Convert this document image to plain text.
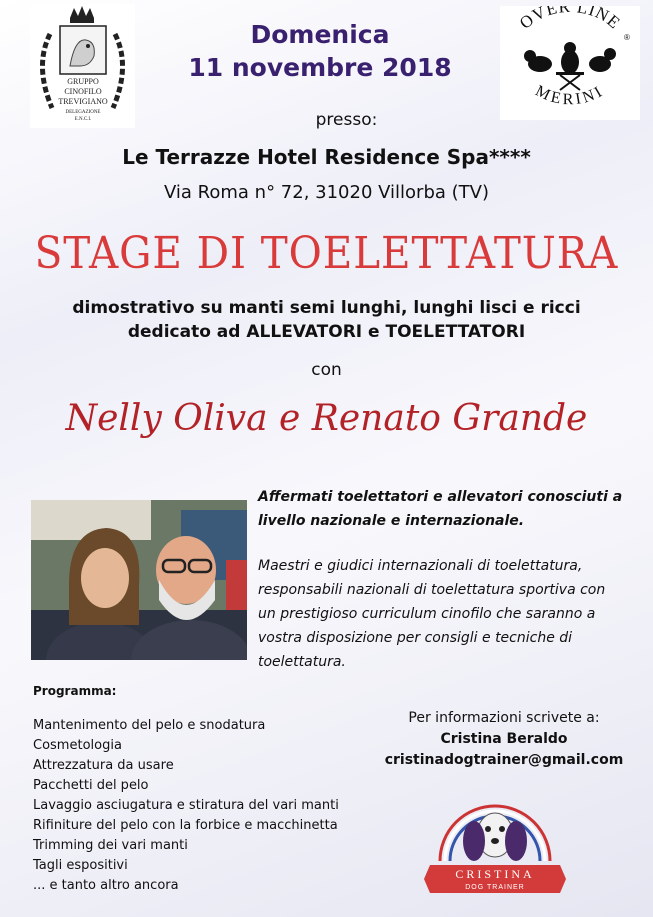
GRUPPO
CINOFILO
TREVIGIANO
DELEGAZIONE
E.N.C.I.
Domenica
11 novembre 2018
OVER LINE
®
MERINI
presso:
Le Terrazze Hotel Residence Spa****
Via Roma n° 72, 31020 Villorba (TV)
STAGE DI TOELETTATURA
dimostrativo su manti semi lunghi, lunghi lisci e ricci
dedicato ad ALLEVATORI e TOELETTATORI
con
Nelly Oliva e Renato Grande
Affermati toelettatori e allevatori conosciuti a
livello nazionale e internazionale.
Maestri e giudici internazionali di toelettatura,
responsabili nazionali di toelettatura sportiva con
un prestigioso curriculum cinofilo che saranno a
vostra disposizione per consigli e tecniche di
toelettatura.
Programma:
Mantenimento del pelo e snodatura
Cosmetologia
Attrezzatura da usare
Pacchetti del pelo
Lavaggio asciugatura e stiratura del vari manti
Rifiniture del pelo con la forbice e macchinetta
Trimming dei vari manti
Tagli espositivi
... e tanto altro ancora
Per informazioni scrivete a:
Cristina Beraldo
cristinadogtrainer@gmail.com
CRISTINA
DOG TRAINER
